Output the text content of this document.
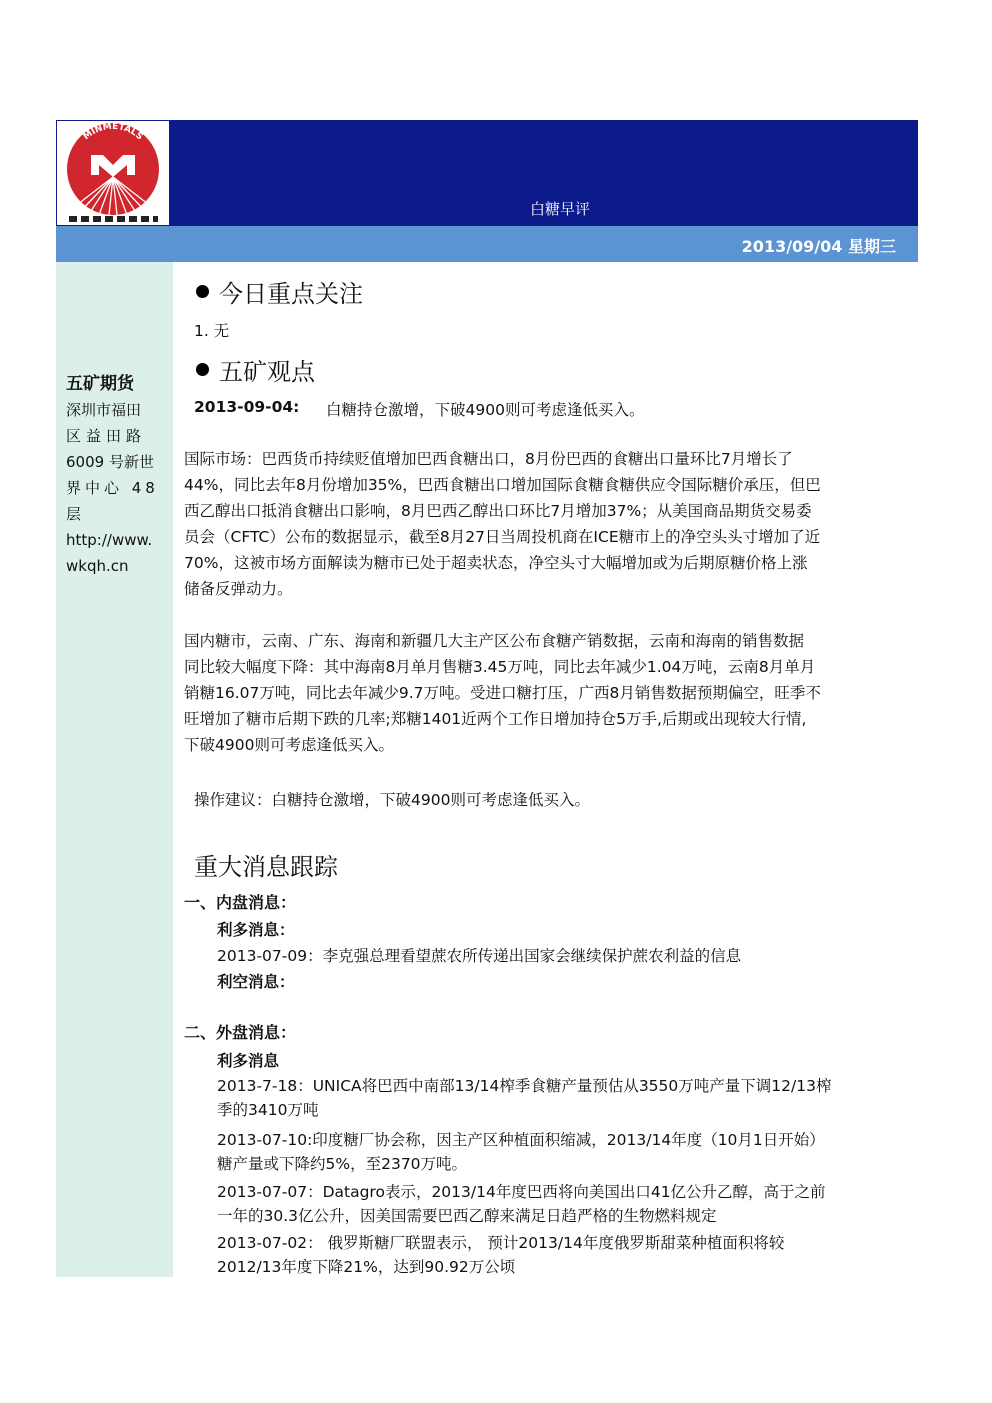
MINMETALS
白糖早评
2013/09/04 星期三
五矿期货
深圳市福田
区益田路
6009 号新世
界中心 48
层
http://www.
wkqh.cn
今日重点关注
1. 无
五矿观点
2013-09-04: 白糖持仓激增，下破4900则可考虑逢低买入。
国际市场：巴西货币持续贬值增加巴西食糖出口，8月份巴西的食糖出口量环比7月增长了
44%，同比去年8月份增加35%，巴西食糖出口增加国际食糖食糖供应令国际糖价承压，但巴
西乙醇出口抵消食糖出口影响，8月巴西乙醇出口环比7月增加37%；从美国商品期货交易委
员会（CFTC）公布的数据显示，截至8月27日当周投机商在ICE糖市上的净空头头寸增加了近
70%，这被市场方面解读为糖市已处于超卖状态，净空头寸大幅增加或为后期原糖价格上涨
储备反弹动力。
国内糖市，云南、广东、海南和新疆几大主产区公布食糖产销数据，云南和海南的销售数据
同比较大幅度下降：其中海南8月单月售糖3.45万吨，同比去年减少1.04万吨，云南8月单月
销糖16.07万吨，同比去年减少9.7万吨。受进口糖打压，广西8月销售数据预期偏空，旺季不
旺增加了糖市后期下跌的几率;郑糖1401近两个工作日增加持仓5万手,后期或出现较大行情,
下破4900则可考虑逢低买入。
操作建议：白糖持仓激增，下破4900则可考虑逢低买入。
重大消息跟踪
一、内盘消息：
利多消息：
2013-07-09：李克强总理看望蔗农所传递出国家会继续保护蔗农利益的信息
利空消息：
二、外盘消息：
利多消息
2013-7-18：UNICA将巴西中南部13/14榨季食糖产量预估从3550万吨产量下调12/13榨
季的3410万吨
2013-07-10:印度糖厂协会称，因主产区种植面积缩减，2013/14年度（10月1日开始）
糖产量或下降约5%，至2370万吨。
2013-07-07：Datagro表示，2013/14年度巴西将向美国出口41亿公升乙醇，高于之前
一年的30.3亿公升，因美国需要巴西乙醇来满足日趋严格的生物燃料规定
2013-07-02： 俄罗斯糖厂联盟表示， 预计2013/14年度俄罗斯甜菜种植面积将较
2012/13年度下降21%，达到90.92万公顷
